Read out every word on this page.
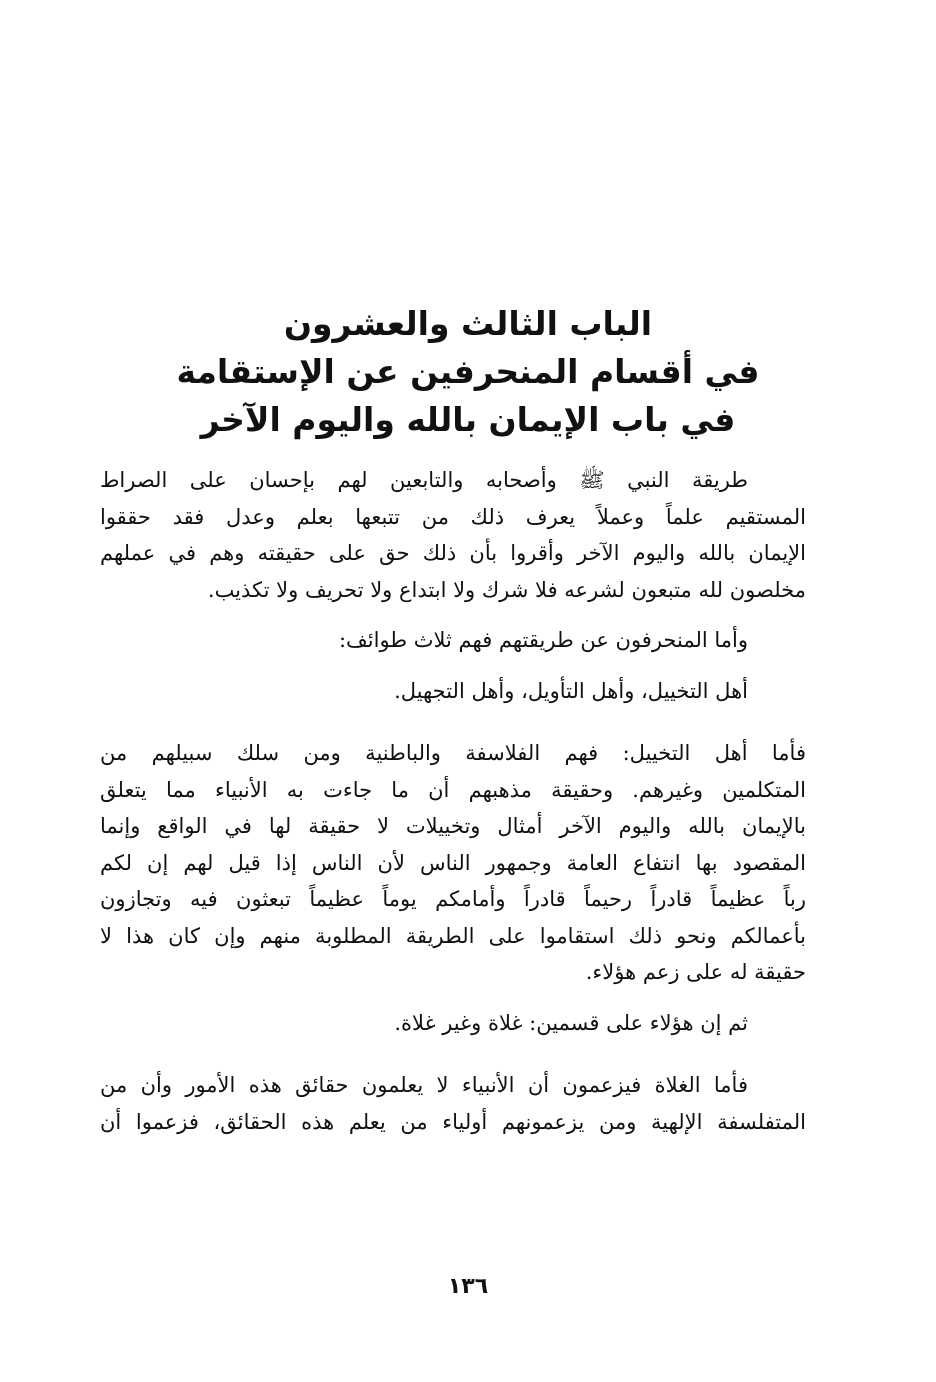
الباب الثالث والعشرون

في أقسام المنحرفين عن الإستقامة

في باب الإيمان بالله واليوم الآخر

طريقة النبي ﷺ وأصحابه والتابعين لهم بإحسان على الصراط
المستقيم علماً وعملاً يعرف ذلك من تتبعها بعلم وعدل فقد حققوا
الإيمان بالله واليوم الآخر وأقروا بأن ذلك حق على حقيقته وهم في عملهم
مخلصون لله متبعون لشرعه فلا شرك ولا ابتداع ولا تحريف ولا تكذيب.
وأما المنحرفون عن طريقتهم فهم ثلاث طوائف:
أهل التخييل، وأهل التأويل، وأهل التجهيل.
فأما أهل التخييل: فهم الفلاسفة والباطنية ومن سلك سبيلهم من
المتكلمين وغيرهم. وحقيقة مذهبهم أن ما جاءت به الأنبياء مما يتعلق
بالإيمان بالله واليوم الآخر أمثال وتخييلات لا حقيقة لها في الواقع وإنما
المقصود بها انتفاع العامة وجمهور الناس لأن الناس إذا قيل لهم إن لكم
رباً عظيماً قادراً رحيماً قادراً وأمامكم يوماً عظيماً تبعثون فيه وتجازون
بأعمالكم ونحو ذلك استقاموا على الطريقة المطلوبة منهم وإن كان هذا لا
حقيقة له على زعم هؤلاء.
ثم إن هؤلاء على قسمين: غلاة وغير غلاة.
فأما الغلاة فيزعمون أن الأنبياء لا يعلمون حقائق هذه الأمور وأن من
المتفلسفة الإلهية ومن يزعمونهم أولياء من يعلم هذه الحقائق، فزعموا أن
١٣٦
